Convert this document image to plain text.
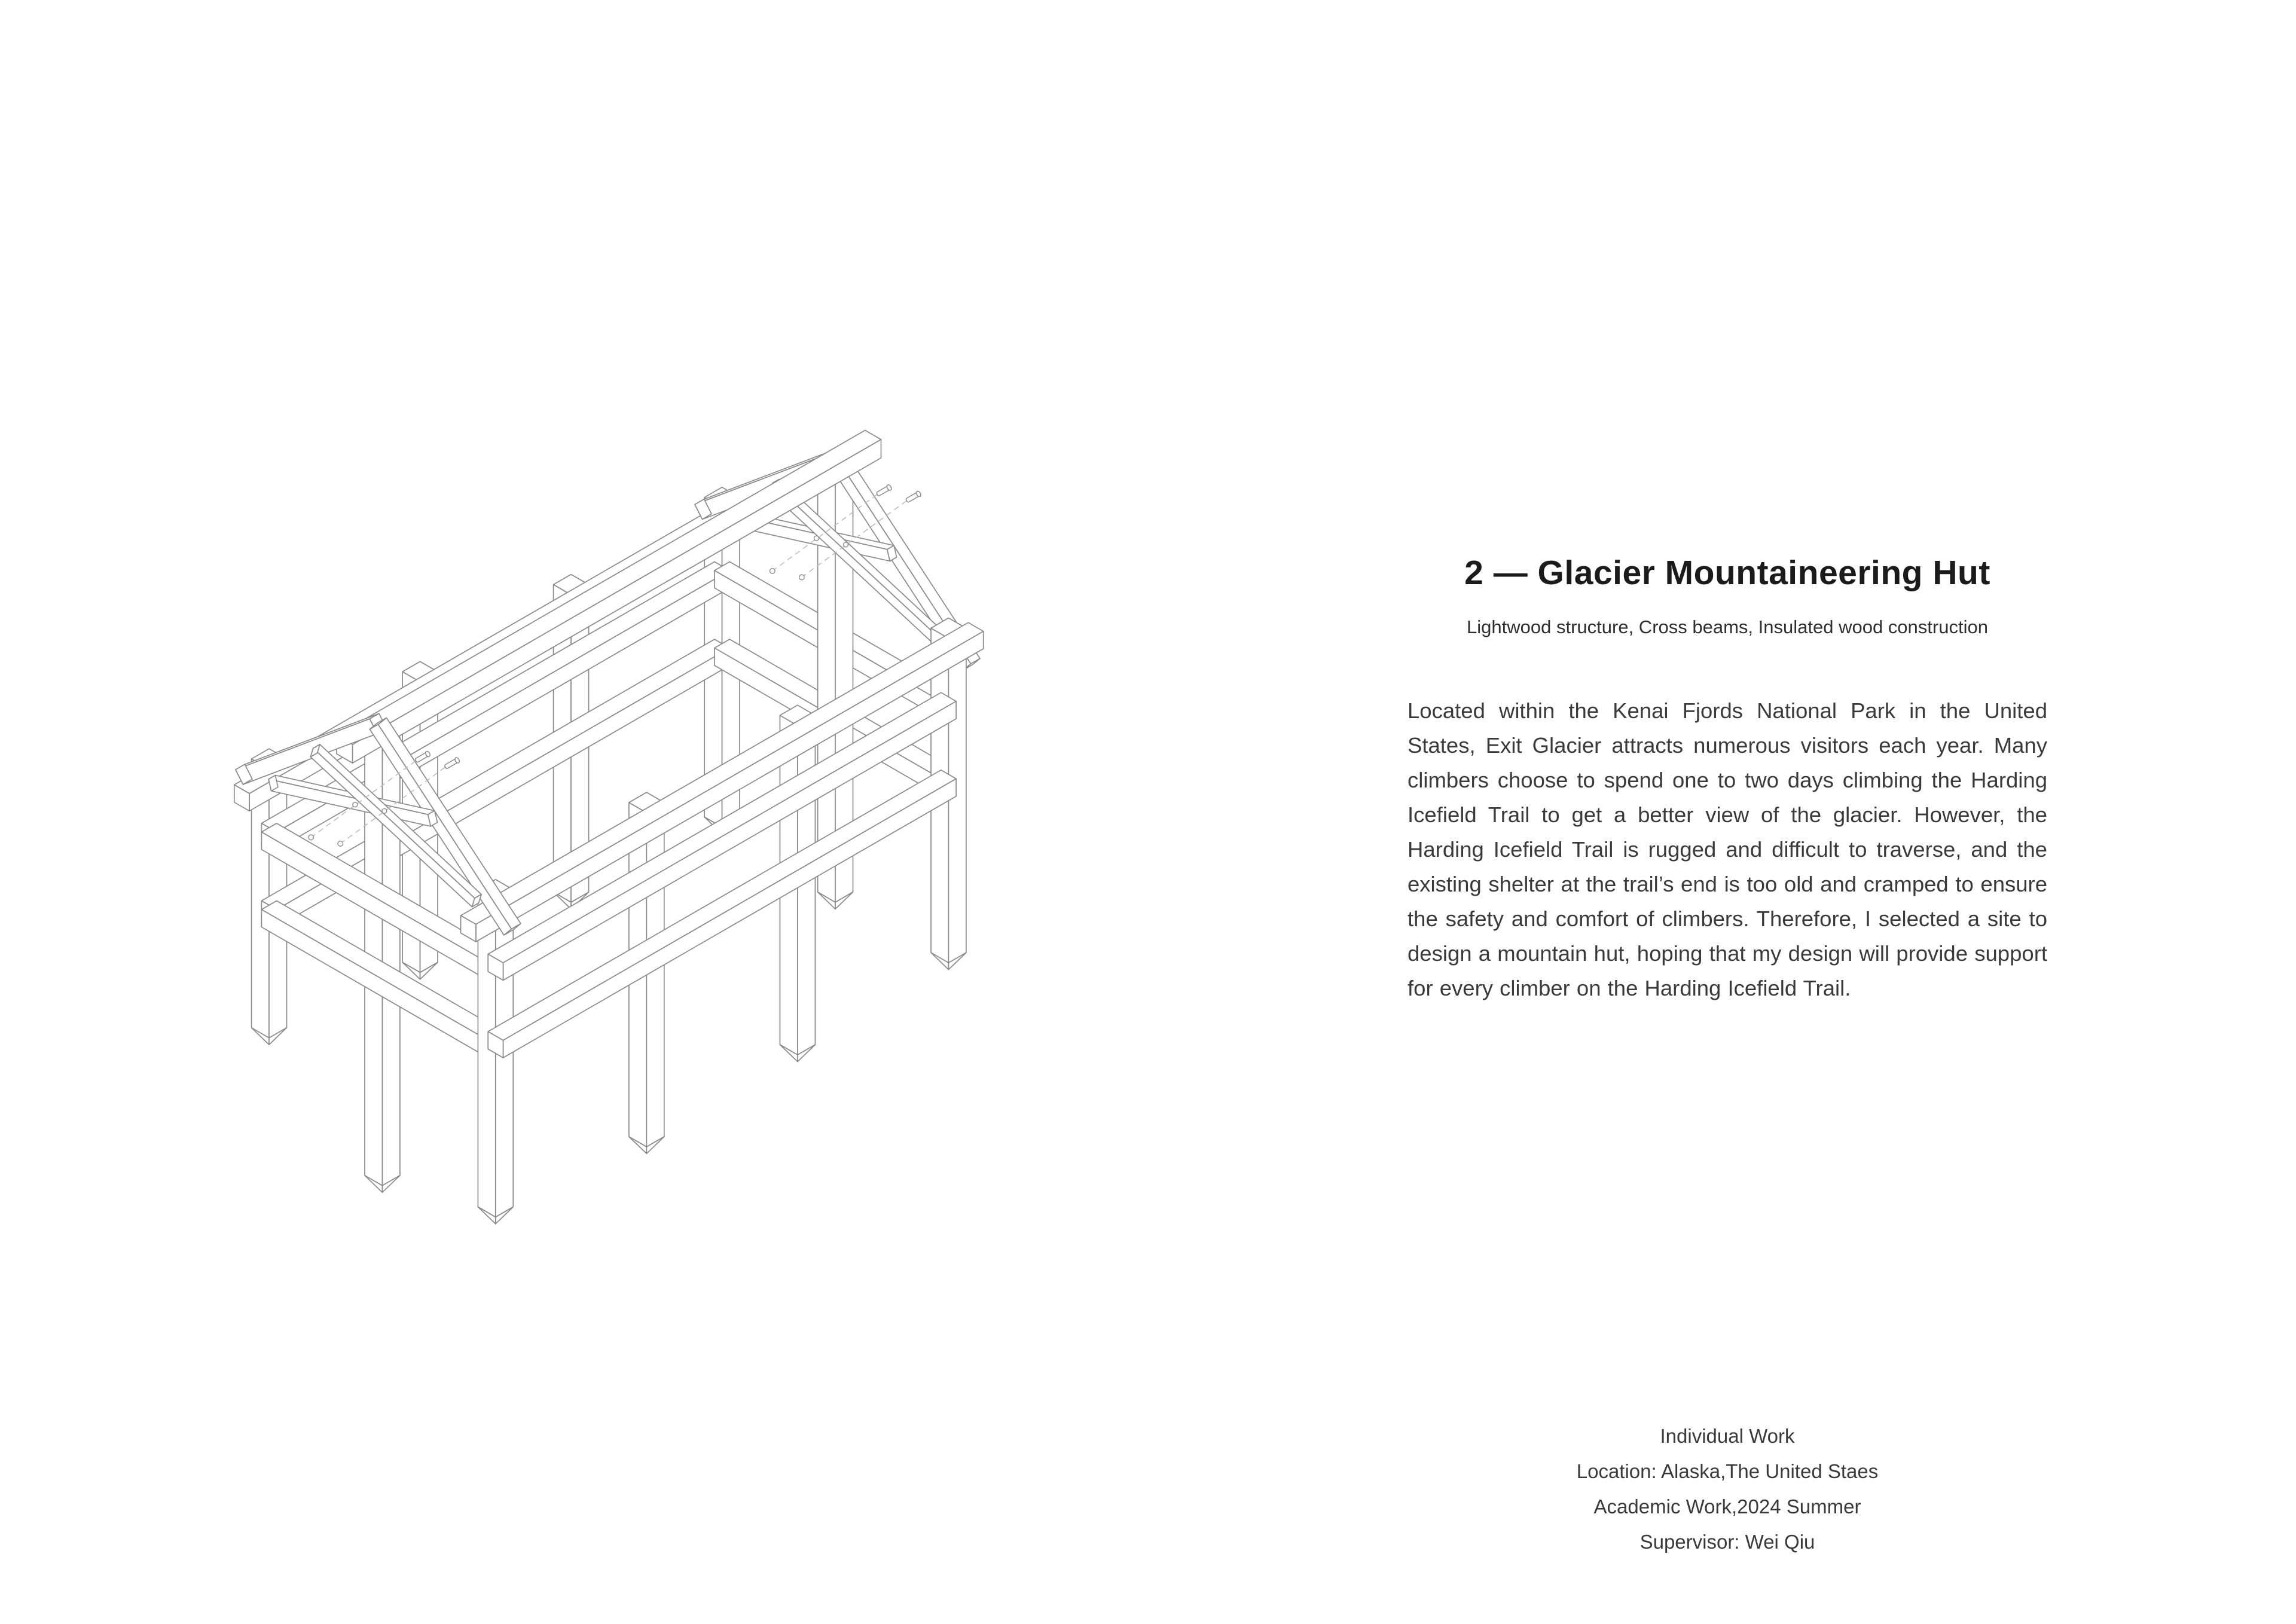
2 — Glacier Mountaineering Hut

Lightwood structure, Cross beams, Insulated wood construction

Located within the Kenai Fjords National Park in the United States, Exit Glacier attracts numerous visitors each year. Many climbers choose to spend one to two days climbing the Harding Icefield Trail to get a better view of the glacier. However, the Harding Icefield Trail is rugged and difficult to traverse, and the existing shelter at the trail’s end is too old and cramped to ensure the safety and comfort of climbers. Therefore, I selected a site to design a mountain hut, hoping that my design will provide support for every climber on the Harding Icefield Trail.

Individual Work
Location: Alaska,The United Staes
Academic Work,2024 Summer
Supervisor: Wei Qiu
